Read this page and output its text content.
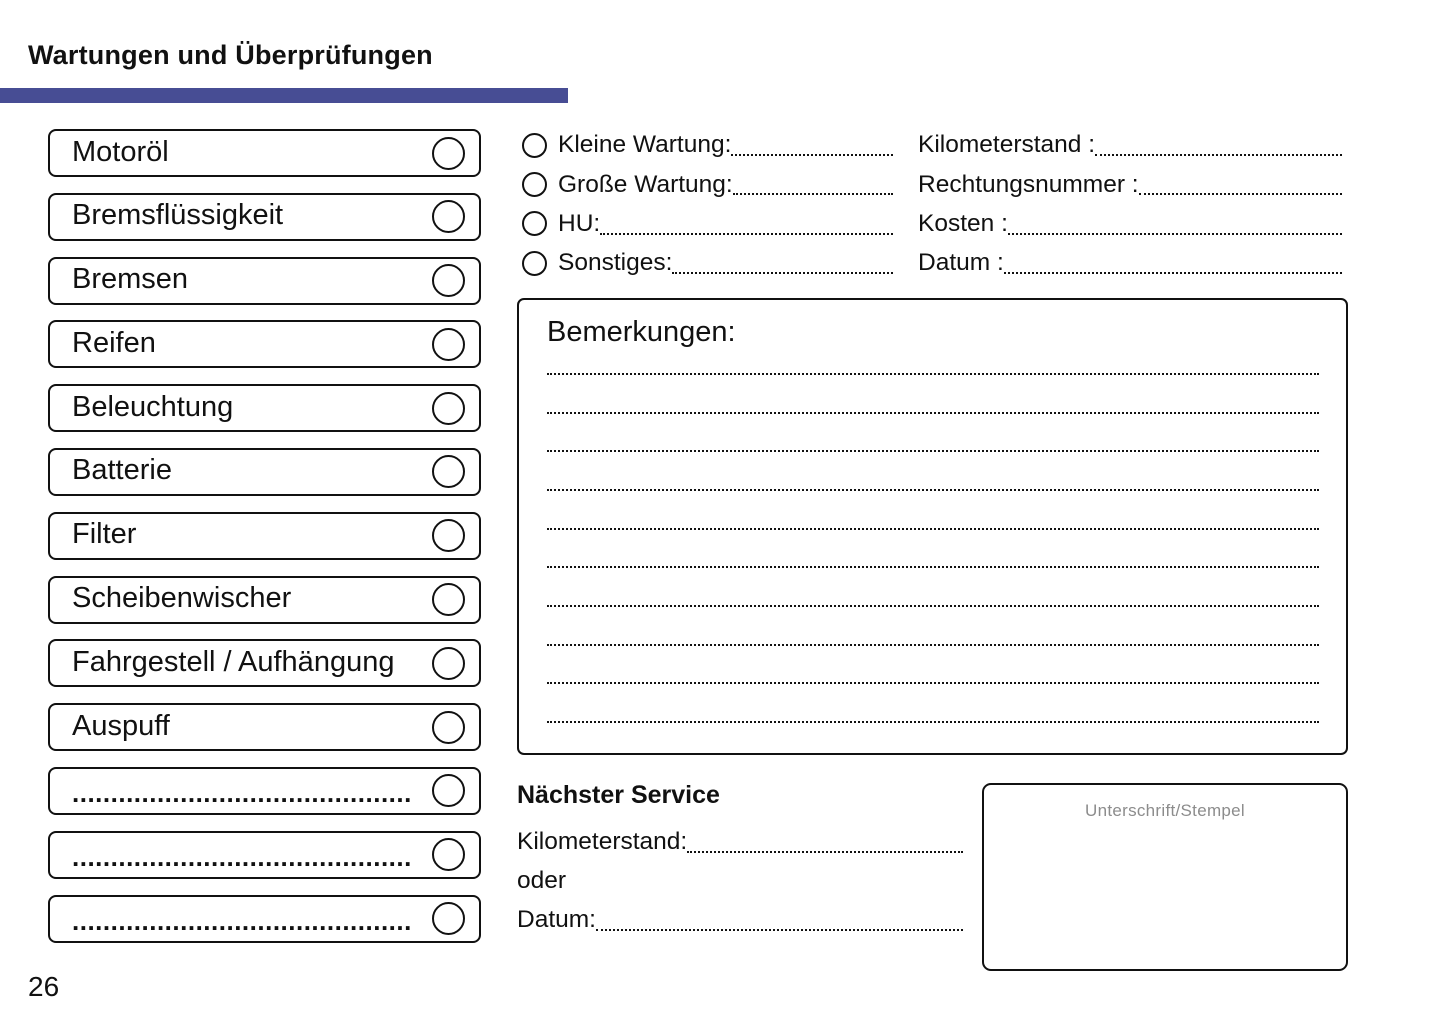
Wartungen und Überprüfungen
Motoröl
Bremsflüssigkeit
Bremsen
Reifen
Beleuchtung
Batterie
Filter
Scheibenwischer
Fahrgestell / Aufhängung
Auspuff
............................................
............................................
............................................
Kleine Wartung:
Große Wartung:
HU:
Sonstiges:
Kilometerstand :
Rechtungsnummer :
Kosten :
Datum :
Bemerkungen:
Nächster Service
Kilometerstand:
oder
Datum:
Unterschrift/Stempel
26
